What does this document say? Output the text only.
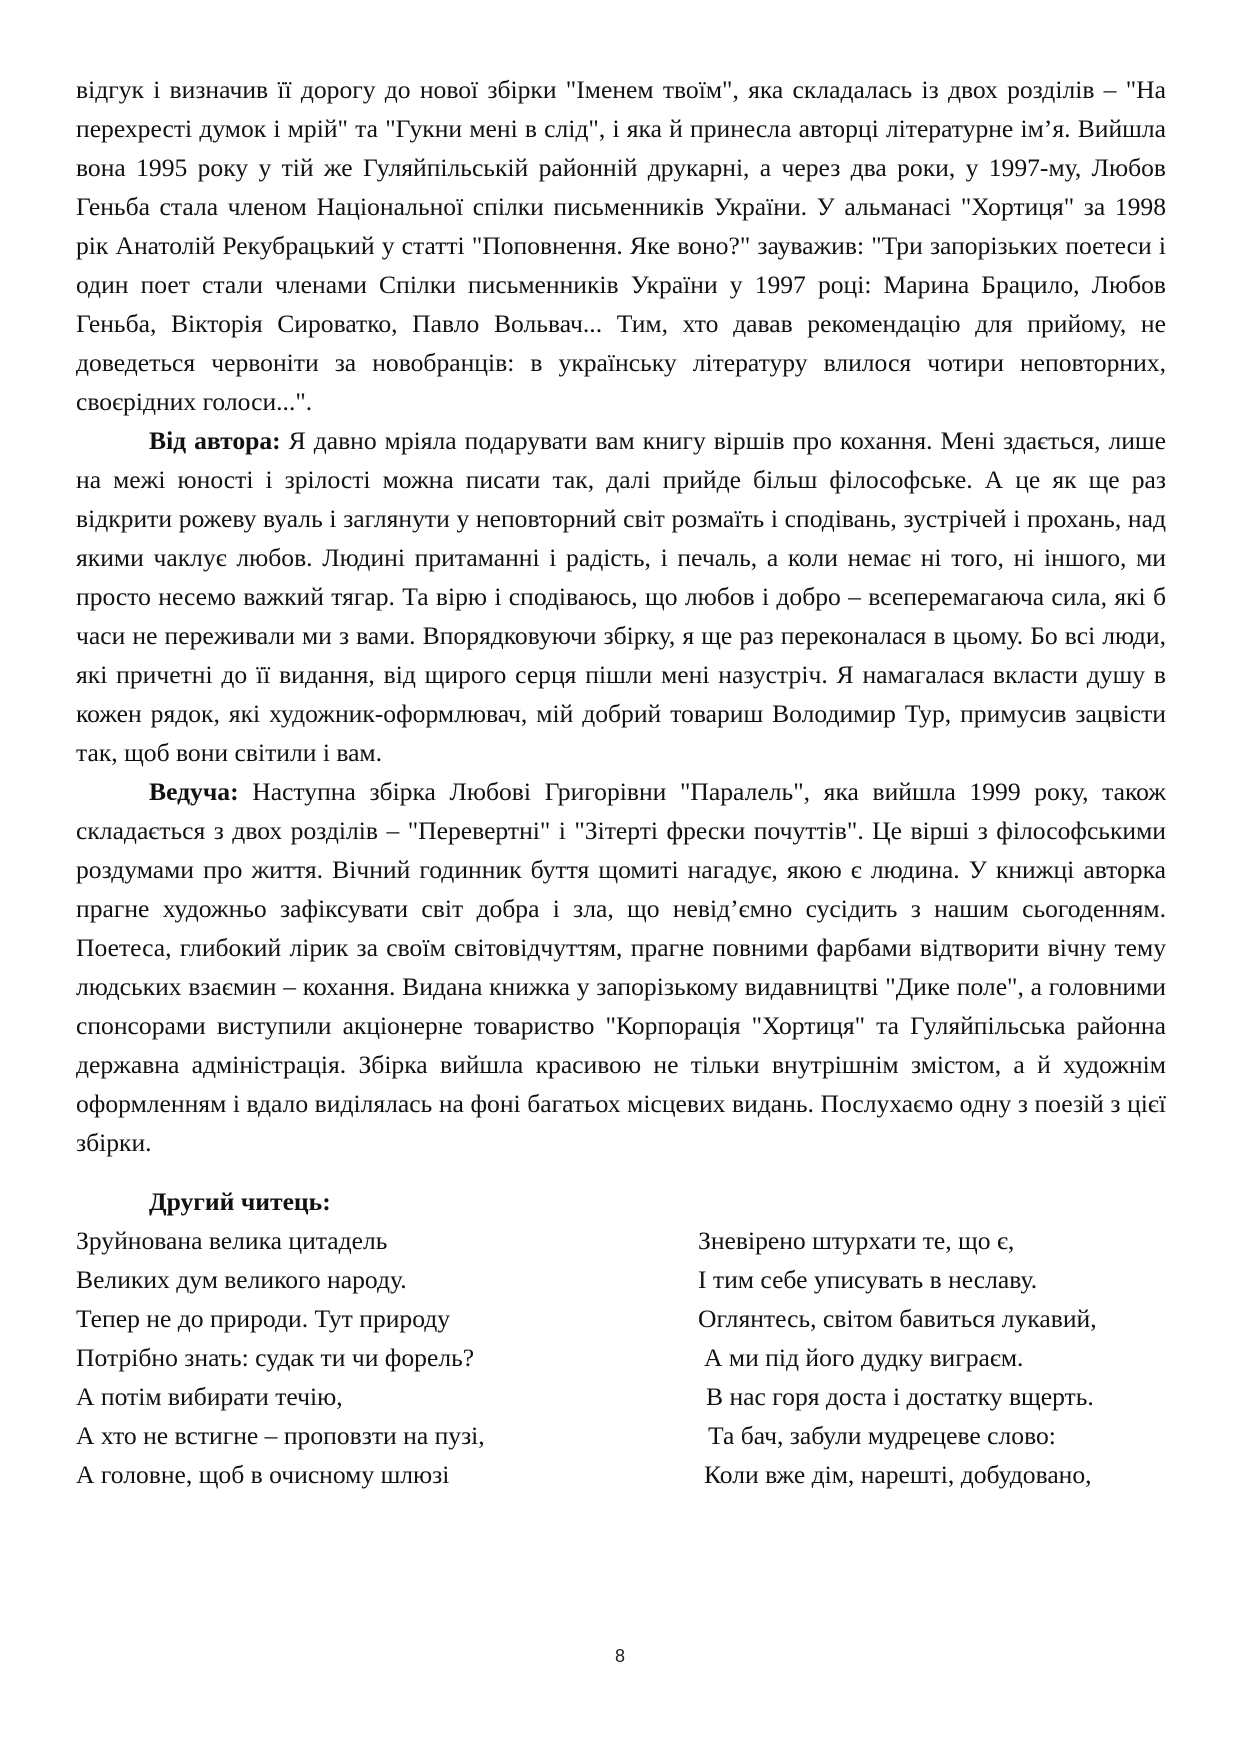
відгук і визначив її дорогу до нової збірки "Іменем твоїм", яка складалась із двох розділів – "На перехресті думок і мрій" та "Гукни мені в слід", і яка й принесла авторці літературне ім’я. Вийшла вона 1995 року у тій же Гуляйпільській районній друкарні, а через два роки, у 1997-му, Любов Геньба стала членом Національної спілки письменників України. У альманасі "Хортиця" за 1998 рік Анатолій Рекубрацький у статті "Поповнення. Яке воно?" зауважив: "Три запорізьких поетеси і один поет стали членами Спілки письменників України у 1997 році: Марина Брацило, Любов Геньба, Вікторія Сироватко, Павло Вольвач... Тим, хто давав рекомендацію для прийому, не доведеться червоніти за новобранців: в українську літературу влилося чотири неповторних, своєрідних голоси...".

Від автора: Я давно мріяла подарувати вам книгу віршів про кохання. Мені здається, лише на межі юності і зрілості можна писати так, далі прийде більш філософське. А це як ще раз відкрити рожеву вуаль і заглянути у неповторний світ розмаїть і сподівань, зустрічей і прохань, над якими чаклує любов. Людині притаманні і радість, і печаль, а коли немає ні того, ні іншого, ми просто несемо важкий тягар. Та вірю і сподіваюсь, що любов і добро – всеперемагаюча сила, які б часи не переживали ми з вами. Впорядковуючи збірку, я ще раз переконалася в цьому. Бо всі люди, які причетні до її видання, від щирого серця пішли мені назустріч. Я намагалася вкласти душу в кожен рядок, які художник-оформлювач, мій добрий товариш Володимир Тур, примусив зацвісти так, щоб вони світили і вам.

Ведуча: Наступна збірка Любові Григорівни "Паралель", яка вийшла 1999 року, також складається з двох розділів – "Перевертні" і "Зітерті фрески почуттів". Це вірші з філософськими роздумами про життя. Вічний годинник буття щомиті нагадує, якою є людина. У книжці авторка прагне художньо зафіксувати світ добра і зла, що невід’ємно сусідить з нашим сьогоденням. Поетеса, глибокий лірик за своїм світовідчуттям, прагне повними фарбами відтворити вічну тему людських взаємин – кохання. Видана книжка у запорізькому видавництві "Дике поле", а головними спонсорами виступили акціонерне товариство "Корпорація "Хортиця" та Гуляйпільська районна державна адміністрація. Збірка вийшла красивою не тільки внутрішнім змістом, а й художнім оформленням і вдало виділялась на фоні багатьох місцевих видань. Послухаємо одну з поезій з цієї збірки.

Другий читець:
Зруйнована велика цитадель
Великих дум великого народу.
Тепер не до природи. Тут природу
Потрібно знать: судак ти чи форель?
А потім вибирати течію,
А хто не встигне – проповзти на пузі,
А головне, щоб в очисному шлюзі
Зневірено штурхати те, що є,
І тим себе уписувать в неславу.
Оглянтесь, світом бавиться лукавий,
А ми під його дудку виграєм.
В нас горя доста і достатку вщерть.
Та бач, забули мудрецеве слово:
Коли вже дім, нарешті, добудовано,
8
